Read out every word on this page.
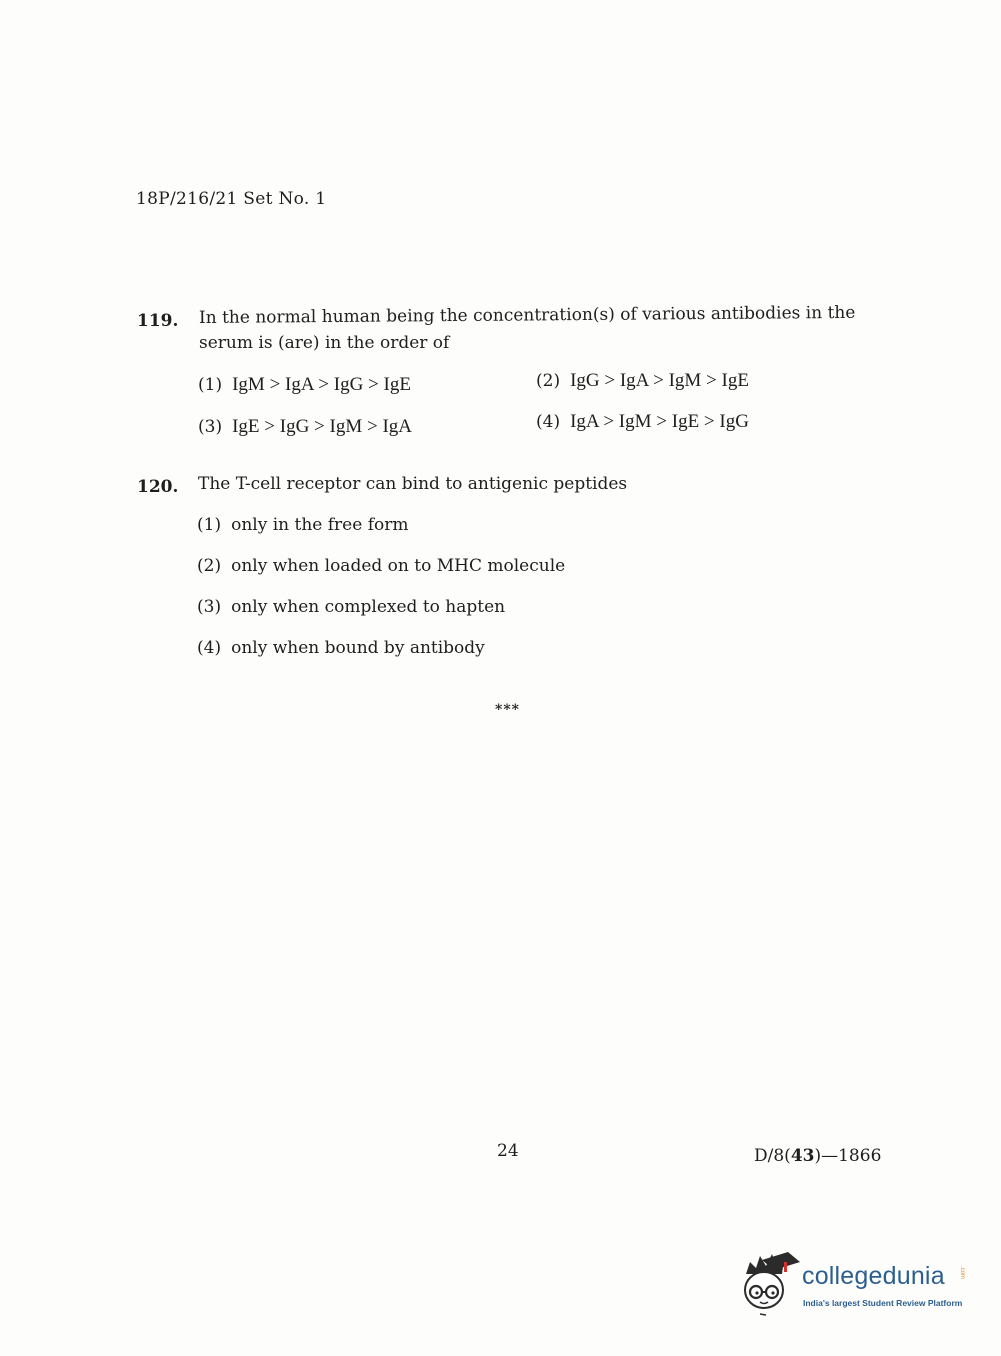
18P/216/21 Set No. 1
119. In the normal human being the concentration(s) of various antibodies in the
serum is (are) in the order of
(1) IgM > IgA > IgG > IgE	(2) IgG > IgA > IgM > IgE
(3) IgE > IgG > IgM > IgA	(4) IgA > IgM > IgE > IgG
120. The T-cell receptor can bind to antigenic peptides
(1) only in the free form
(2) only when loaded on to MHC molecule
(3) only when complexed to hapten
(4) only when bound by antibody
***
24	D/8(43)—1866
collegedunia .com
India's largest Student Review Platform
